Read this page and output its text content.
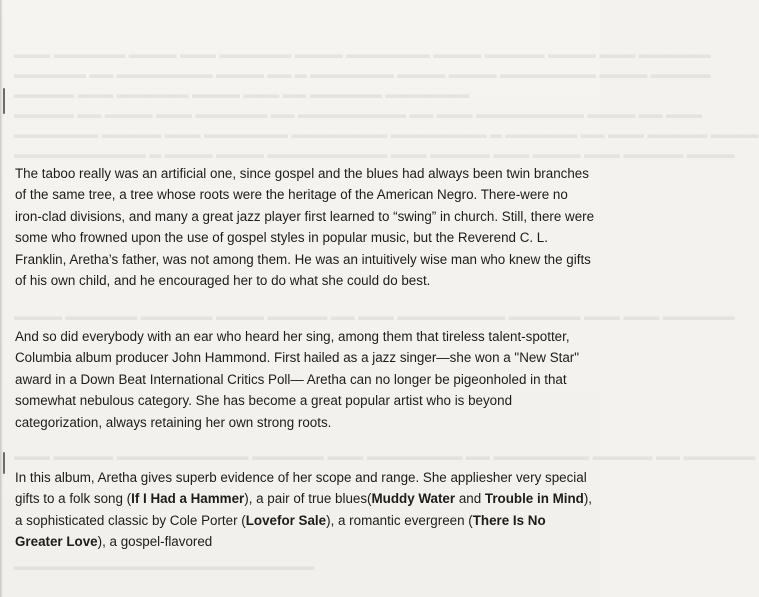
▬▬▬ ▬▬▬▬▬▬ ▬▬▬▬ ▬▬▬ ▬▬▬▬▬▬ ▬▬▬▬ ▬▬▬▬▬▬▬ ▬▬▬▬ ▬▬▬▬▬ ▬▬▬▬ ▬▬▬ ▬▬▬▬▬▬
▬▬▬▬▬▬ ▬▬ ▬▬▬▬▬▬▬▬ ▬▬▬▬ ▬▬ ▬ ▬▬▬▬▬▬▬ ▬▬▬▬ ▬▬▬▬ ▬▬▬▬▬▬▬▬ ▬▬▬▬ ▬▬▬▬▬
▬▬▬▬▬ ▬▬▬ ▬▬▬▬▬▬ ▬▬▬▬ ▬▬▬ ▬▬ ▬▬▬▬▬▬ ▬▬▬▬▬▬▬
▬▬▬▬▬ ▬▬ ▬▬▬▬ ▬▬▬ ▬▬▬▬▬▬ ▬▬ ▬▬▬▬▬▬▬▬▬ ▬▬ ▬▬▬ ▬▬▬▬▬▬▬▬▬ ▬▬▬▬ ▬▬ ▬▬▬
▬▬▬▬▬▬▬ ▬▬▬▬▬ ▬▬▬ ▬▬▬▬▬▬▬ ▬▬▬▬▬▬▬▬ ▬▬▬▬▬▬▬▬ ▬ ▬▬▬▬▬▬ ▬▬ ▬▬▬ ▬▬▬▬▬ ▬▬▬▬
▬▬▬▬▬▬▬▬▬▬▬ ▬ ▬▬▬▬ ▬▬▬▬ ▬▬▬▬▬▬▬▬▬▬ ▬▬▬ ▬▬▬▬▬ ▬▬▬ ▬▬▬▬ ▬▬▬ ▬▬▬▬▬ ▬▬▬▬
▬▬▬▬ ▬▬▬▬▬▬ ▬▬▬▬▬▬ ▬▬▬▬ ▬▬▬▬▬ ▬▬ ▬▬▬ ▬▬▬▬▬▬▬▬▬ ▬▬▬▬▬▬ ▬▬▬ ▬▬▬ ▬▬▬▬▬▬
▬▬▬ ▬▬▬▬▬ ▬▬▬▬▬▬▬▬▬▬▬ ▬▬▬▬▬▬ ▬▬▬ ▬▬▬▬▬▬▬▬ ▬▬ ▬▬▬▬▬▬▬▬ ▬▬▬▬▬ ▬▬ ▬▬▬▬▬▬
▬▬▬▬▬▬▬▬▬▬▬▬▬▬▬▬▬▬▬▬▬▬▬▬▬
The taboo really was an artificial one, since gospel and the blues had always been twin branches of the same tree, a tree whose roots were the heritage of the American Negro. There-were no iron-clad divisions, and many a great jazz player first learned to “swing” in church. Still, there were some who frowned upon the use of gospel styles in popular music, but the Reverend C. L. Franklin, Aretha’s father, was not among them. He was an intuitively wise man who knew the gifts of his own child, and he encouraged her to do what she could do best.
And so did everybody with an ear who heard her sing, among them that tireless talent-spotter, Columbia album producer John Hammond. First hailed as a jazz singer—she won a "New Star" award in a Down Beat International Critics Poll— Aretha can no longer be pigeonholed in that somewhat nebulous category. She has become a great popular artist who is beyond categorization, always retaining her own strong roots.
In this album, Aretha gives superb evidence of her scope and range. She appliesher very special gifts to a folk song (If I Had a Hammer), a pair of true blues(Muddy Water and Trouble in Mind), a sophisticated classic by Cole Porter (Lovefor Sale), a romantic evergreen (There Is No Greater Love), a gospel-flavored
